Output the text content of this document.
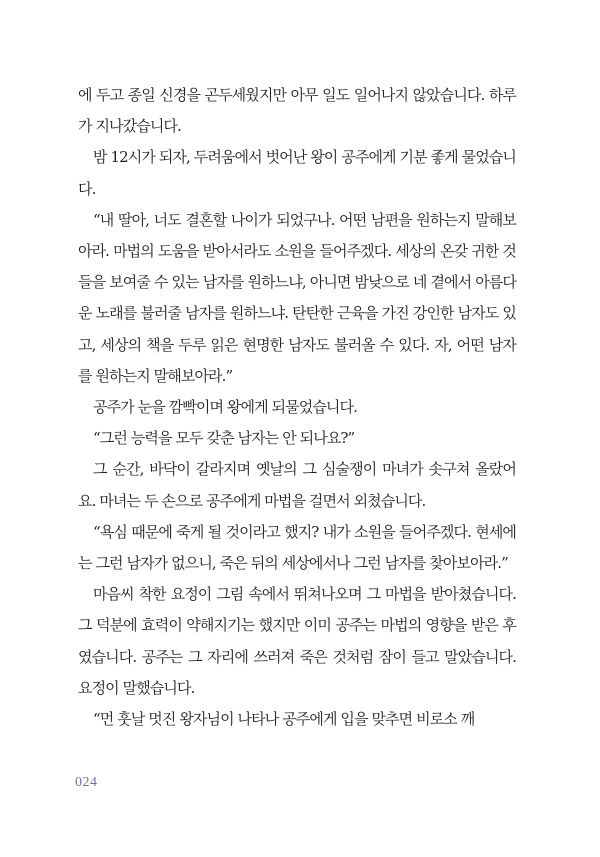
에 두고 종일 신경을 곤두세웠지만 아무 일도 일어나지 않았습니다. 하루가 지나갔습니다.

밤 12시가 되자, 두려움에서 벗어난 왕이 공주에게 기분 좋게 물었습니다.

“내 딸아, 너도 결혼할 나이가 되었구나. 어떤 남편을 원하는지 말해보아라. 마법의 도움을 받아서라도 소원을 들어주겠다. 세상의 온갖 귀한 것들을 보여줄 수 있는 남자를 원하느냐, 아니면 밤낮으로 네 곁에서 아름다운 노래를 불러줄 남자를 원하느냐. 탄탄한 근육을 가진 강인한 남자도 있고, 세상의 책을 두루 읽은 현명한 남자도 불러올 수 있다. 자, 어떤 남자를 원하는지 말해보아라.”

공주가 눈을 깜빡이며 왕에게 되물었습니다.

“그런 능력을 모두 갖춘 남자는 안 되나요?”

그 순간, 바닥이 갈라지며 옛날의 그 심술쟁이 마녀가 솟구쳐 올랐어요. 마녀는 두 손으로 공주에게 마법을 걸면서 외쳤습니다.

“욕심 때문에 죽게 될 것이라고 했지? 내가 소원을 들어주겠다. 현세에는 그런 남자가 없으니, 죽은 뒤의 세상에서나 그런 남자를 찾아보아라.”

마음씨 착한 요정이 그림 속에서 뛰쳐나오며 그 마법을 받아쳤습니다. 그 덕분에 효력이 약해지기는 했지만 이미 공주는 마법의 영향을 받은 후였습니다. 공주는 그 자리에 쓰러져 죽은 것처럼 잠이 들고 말았습니다. 요정이 말했습니다.

“먼 훗날 멋진 왕자님이 나타나 공주에게 입을 맞추면 비로소 깨

024
